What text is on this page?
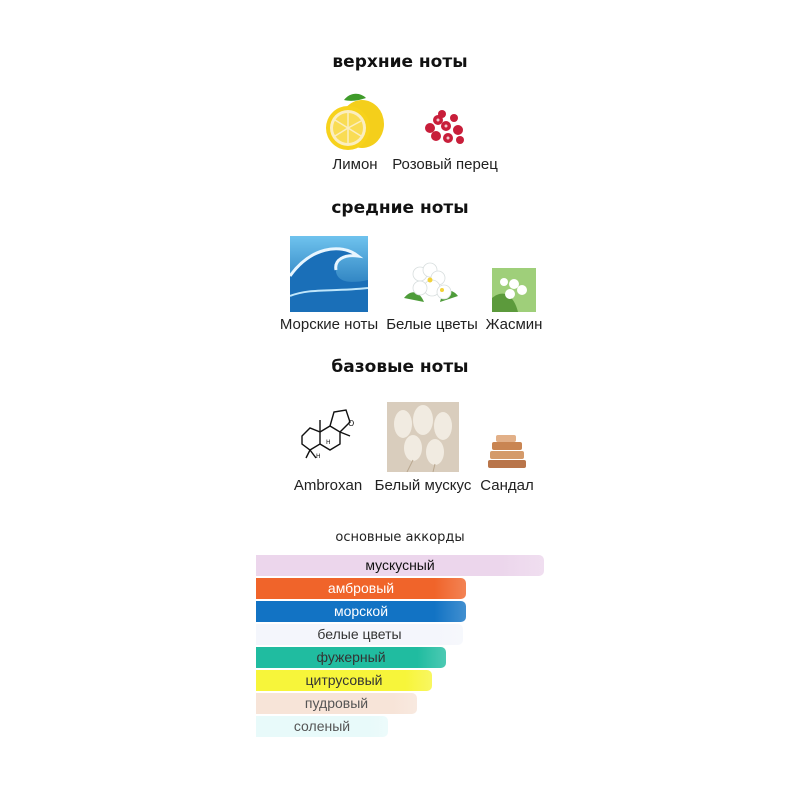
верхние ноты
Лимон Розовый перец
средние ноты
Морские ноты Белые цветы Жасмин
базовые ноты
O
H
H
Ambroxan Белый мускус Сандал
основные аккорды
мускусный
амбровый
морской
белые цветы
фужерный
цитрусовый
пудровый
соленый
